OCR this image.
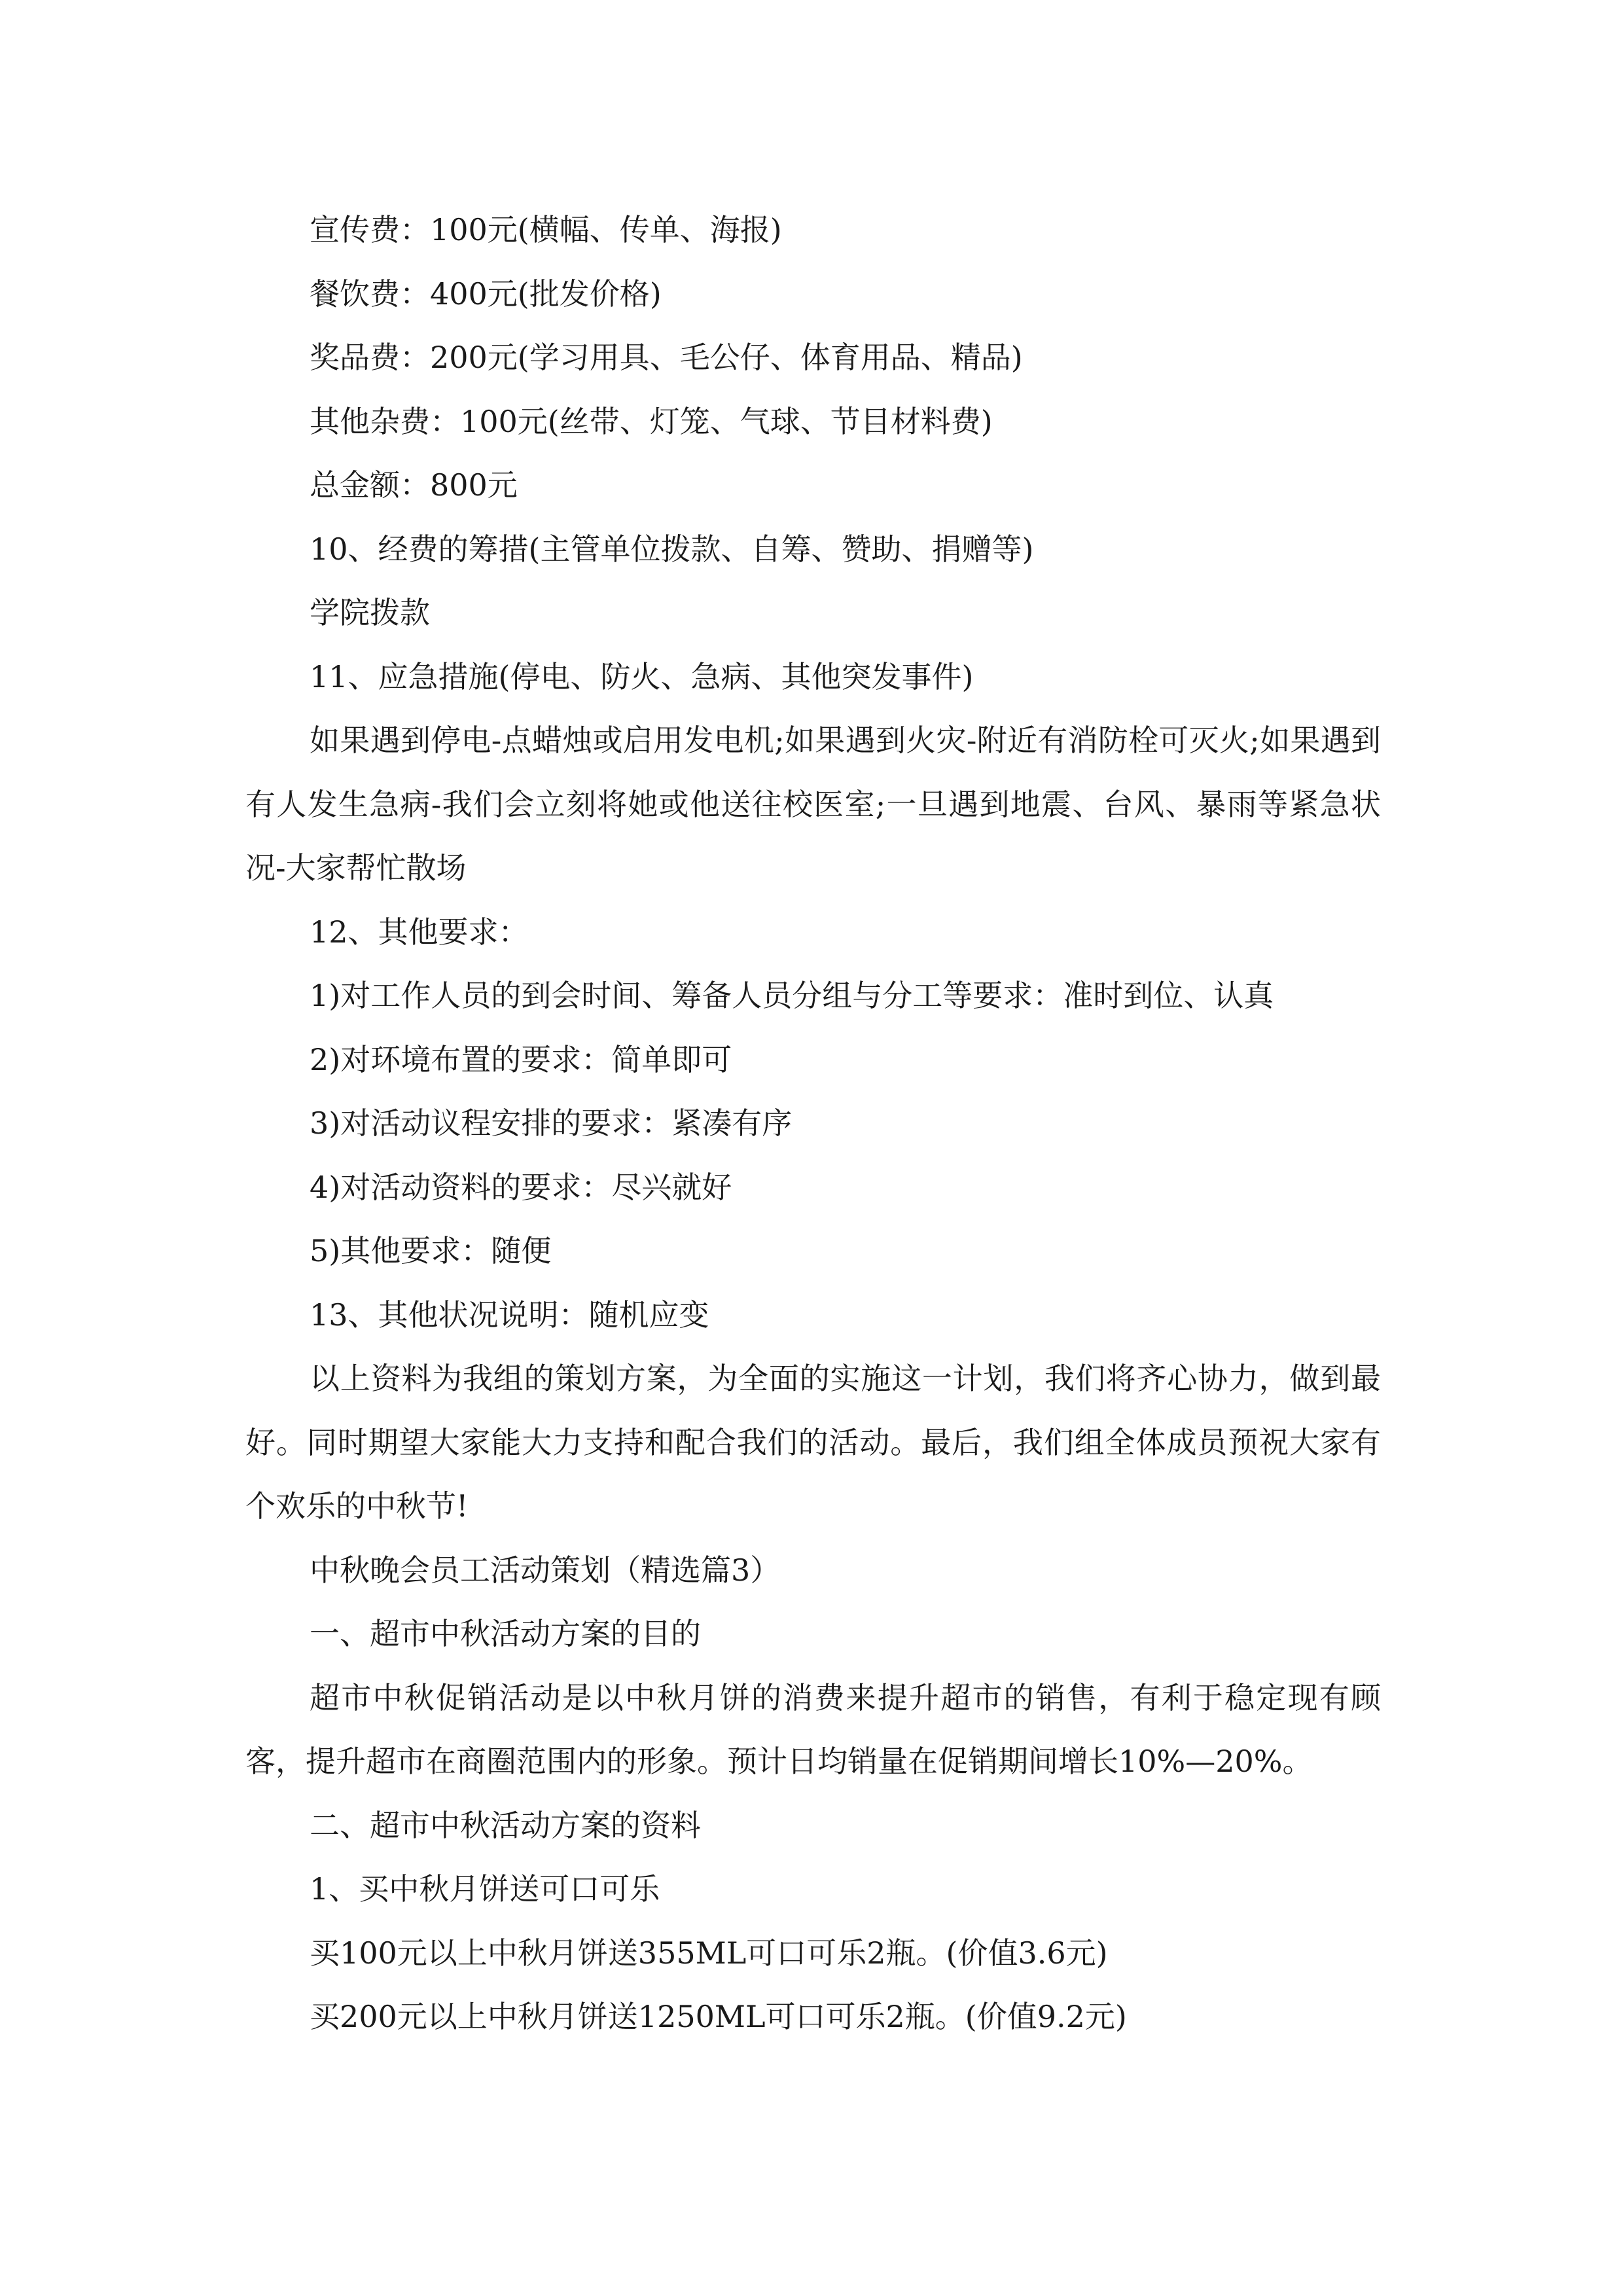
宣传费：100元(横幅、传单、海报)

餐饮费：400元(批发价格)

奖品费：200元(学习用具、毛公仔、体育用品、精品)

其他杂费：100元(丝带、灯笼、气球、节目材料费)

总金额：800元

10、经费的筹措(主管单位拨款、自筹、赞助、捐赠等)

学院拨款

11、应急措施(停电、防火、急病、其他突发事件)

如果遇到停电-点蜡烛或启用发电机;如果遇到火灾-附近有消防栓可灭火;如果遇到有人发生急病-我们会立刻将她或他送往校医室;一旦遇到地震、台风、暴雨等紧急状况-大家帮忙散场

12、其他要求：

1)对工作人员的到会时间、筹备人员分组与分工等要求：准时到位、认真

2)对环境布置的要求：简单即可

3)对活动议程安排的要求：紧凑有序

4)对活动资料的要求：尽兴就好

5)其他要求：随便

13、其他状况说明：随机应变

以上资料为我组的策划方案，为全面的实施这一计划，我们将齐心协力，做到最好。同时期望大家能大力支持和配合我们的活动。最后，我们组全体成员预祝大家有个欢乐的中秋节!

中秋晚会员工活动策划（精选篇3）

一、超市中秋活动方案的目的

超市中秋促销活动是以中秋月饼的消费来提升超市的销售，有利于稳定现有顾客，提升超市在商圈范围内的形象。预计日均销量在促销期间增长10%—20%。

二、超市中秋活动方案的资料

1、买中秋月饼送可口可乐

买100元以上中秋月饼送355ML可口可乐2瓶。(价值3.6元)

买200元以上中秋月饼送1250ML可口可乐2瓶。(价值9.2元)
